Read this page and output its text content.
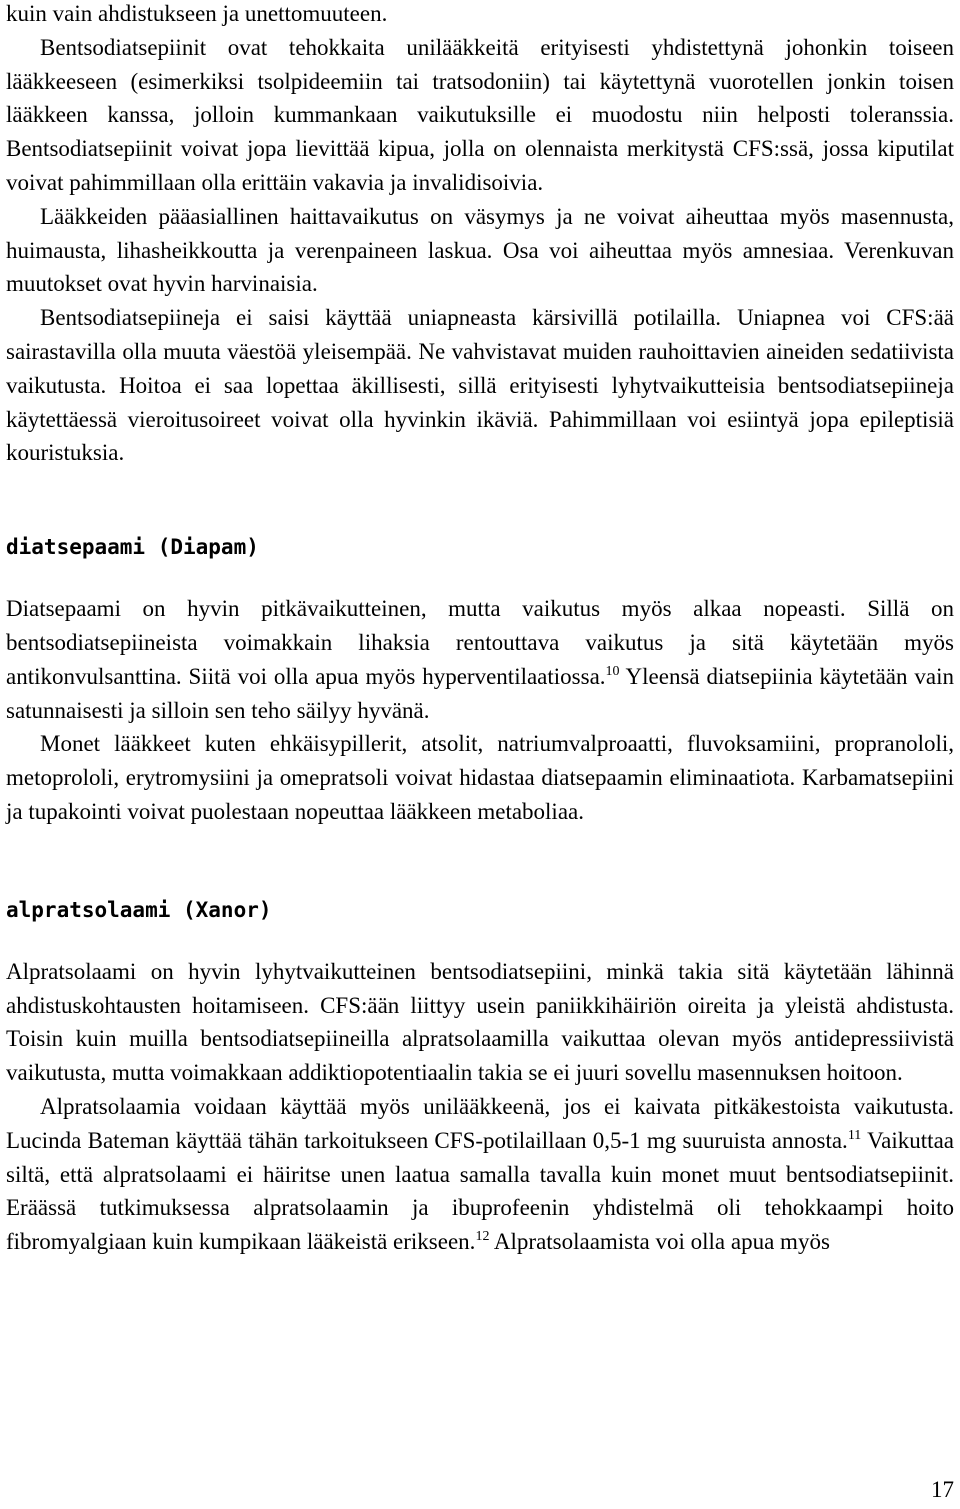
kuin vain ahdistukseen ja unettomuuteen.

Bentsodiatsepiinit ovat tehokkaita unilääkkeitä erityisesti yhdistettynä johonkin toiseen lääkkeeseen (esimerkiksi tsolpideemiin tai tratsodoniin) tai käytettynä vuorotellen jonkin toisen lääkkeen kanssa, jolloin kummankaan vaikutuksille ei muodostu niin helposti toleranssia. Bentsodiatsepiinit voivat jopa lievittää kipua, jolla on olennaista merkitystä CFS:ssä, jossa kiputilat voivat pahimmillaan olla erittäin vakavia ja invalidisoivia.

Lääkkeiden pääasiallinen haittavaikutus on väsymys ja ne voivat aiheuttaa myös masennusta, huimausta, lihasheikkoutta ja verenpaineen laskua. Osa voi aiheuttaa myös amnesiaa. Verenkuvan muutokset ovat hyvin harvinaisia.

Bentsodiatsepiineja ei saisi käyttää uniapneasta kärsivillä potilailla. Uniapnea voi CFS:ää sairastavilla olla muuta väestöä yleisempää. Ne vahvistavat muiden rauhoittavien aineiden sedatiivista vaikutusta. Hoitoa ei saa lopettaa äkillisesti, sillä erityisesti lyhytvaikutteisia bentsodiatsepiineja käytettäessä vieroitusoireet voivat olla hyvinkin ikäviä. Pahimmillaan voi esiintyä jopa epileptisiä kouristuksia.

diatsepaami (Diapam)

Diatsepaami on hyvin pitkävaikutteinen, mutta vaikutus myös alkaa nopeasti. Sillä on bentsodiatsepiineista voimakkain lihaksia rentouttava vaikutus ja sitä käytetään myös antikonvulsanttina. Siitä voi olla apua myös hyperventilaatiossa.$^{10}$ Yleensä diatsepiinia käytetään vain satunnaisesti ja silloin sen teho säilyy hyvänä.

Monet lääkkeet kuten ehkäisypillerit, atsolit, natriumvalproaatti, fluvoksamiini, propranololi, metoprololi, erytromysiini ja omepratsoli voivat hidastaa diatsepaamin eliminaatiota. Karbamatsepiini ja tupakointi voivat puolestaan nopeuttaa lääkkeen metaboliaa.

alpratsolaami (Xanor)

Alpratsolaami on hyvin lyhytvaikutteinen bentsodiatsepiini, minkä takia sitä käytetään lähinnä ahdistuskohtausten hoitamiseen. CFS:ään liittyy usein paniikkihäiriön oireita ja yleistä ahdistusta. Toisin kuin muilla bentsodiatsepiineilla alpratsolaamilla vaikuttaa olevan myös antidepressiivistä vaikutusta, mutta voimakkaan addiktiopotentiaalin takia se ei juuri sovellu masennuksen hoitoon.

Alpratsolaamia voidaan käyttää myös unilääkkeenä, jos ei kaivata pitkäkestoista vaikutusta. Lucinda Bateman käyttää tähän tarkoitukseen CFS-potilaillaan 0,5-1 mg suuruista annosta.$^{11}$ Vaikuttaa siltä, että alpratsolaami ei häiritse unen laatua samalla tavalla kuin monet muut bentsodiatsepiinit. Eräässä tutkimuksessa alpratsolaamin ja ibuprofeenin yhdistelmä oli tehokkaampi hoito fibromyalgiaan kuin kumpikaan lääkeistä erikseen.$^{12}$ Alpratsolaamista voi olla apua myös

17
